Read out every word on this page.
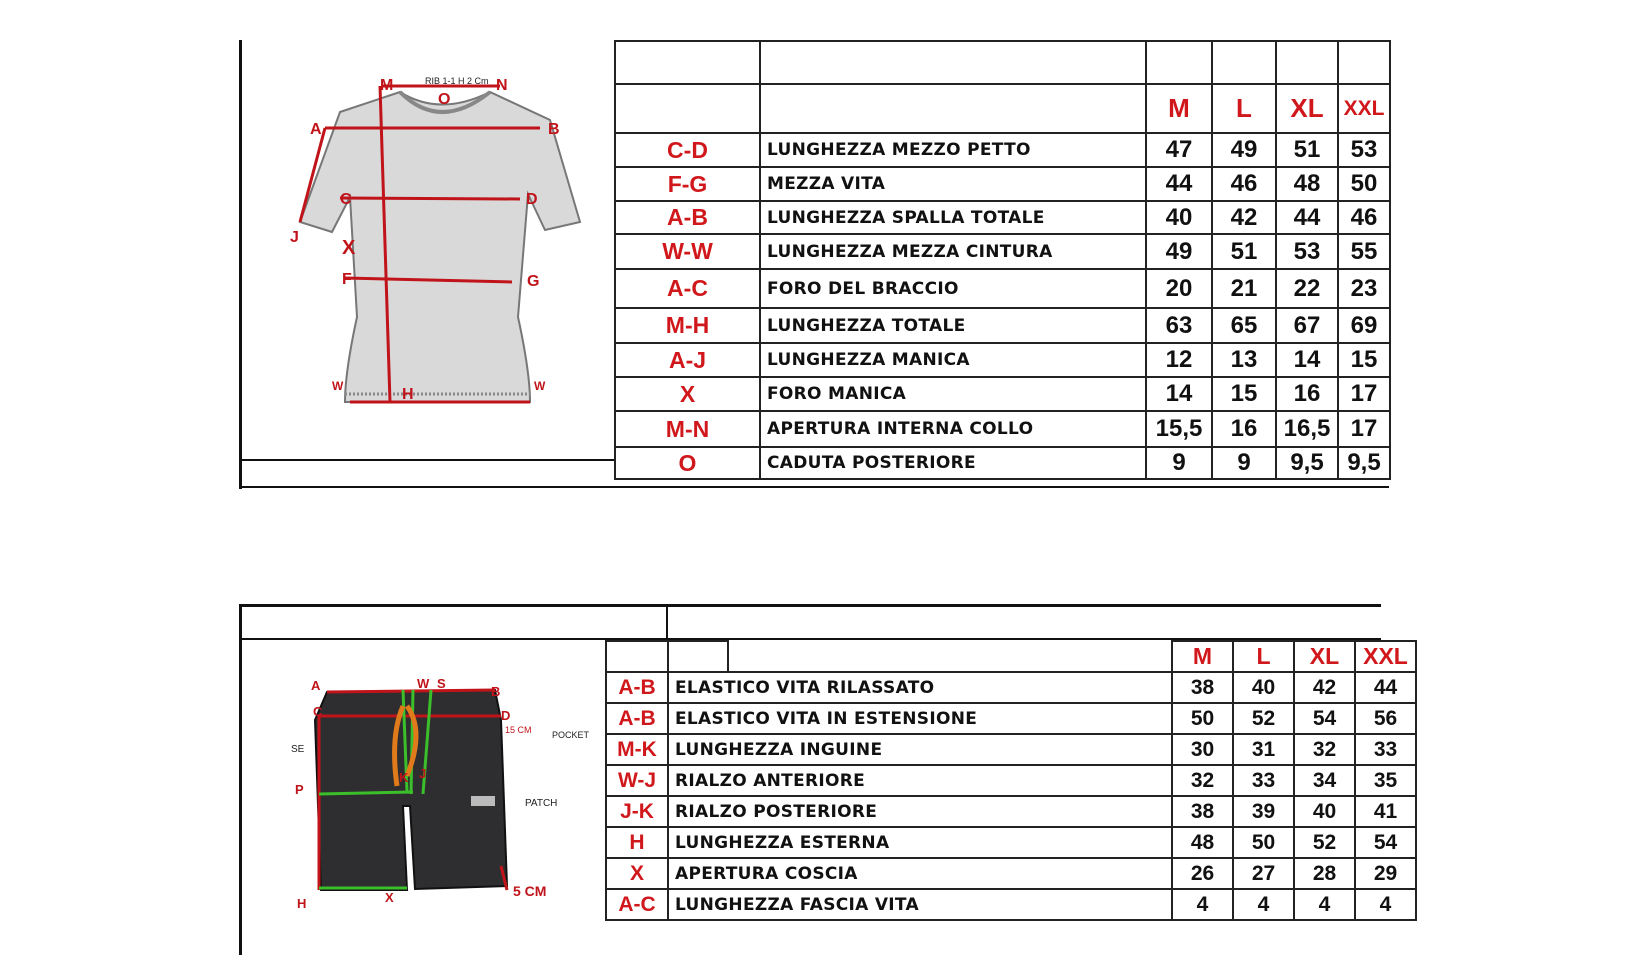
M	N
O
A	B
C	D
J X
F	G
W	H	W
RIB 1-1 H 2 Cm

		M	L	XL	XXL
C-D	LUNGHEZZA MEZZO PETTO	47	49	51	53
F-G	MEZZA VITA	44	46	48	50
A-B	LUNGHEZZA SPALLA TOTALE	40	42	44	46
W-W	LUNGHEZZA MEZZA CINTURA	49	51	53	55
A-C	FORO DEL BRACCIO	20	21	22	23
M-H	LUNGHEZZA TOTALE	63	65	67	69
A-J	LUNGHEZZA MANICA	12	13	14	15
X	FORO MANICA	14	15	16	17
M-N	APERTURA INTERNA COLLO	15,5	16	16,5	17
O	CADUTA POSTERIORE	9	9	9,5	9,5
A	W S
B
C	D
P
K J
H	X
15 CM POCKET
PATCH
5 CM
SE
			M	L	XL	XXL
A-B	ELASTICO VITA RILASSATO		38	40	42	44
A-B	ELASTICO VITA IN ESTENSIONE		50	52	54	56
M-K	LUNGHEZZA INGUINE		30	31	32	33
W-J	RIALZO ANTERIORE		32	33	34	35
J-K	RIALZO POSTERIORE		38	39	40	41
H	LUNGHEZZA ESTERNA		48	50	52	54
X	APERTURA COSCIA		26	27	28	29
A-C	LUNGHEZZA FASCIA VITA		4	4	4	4
